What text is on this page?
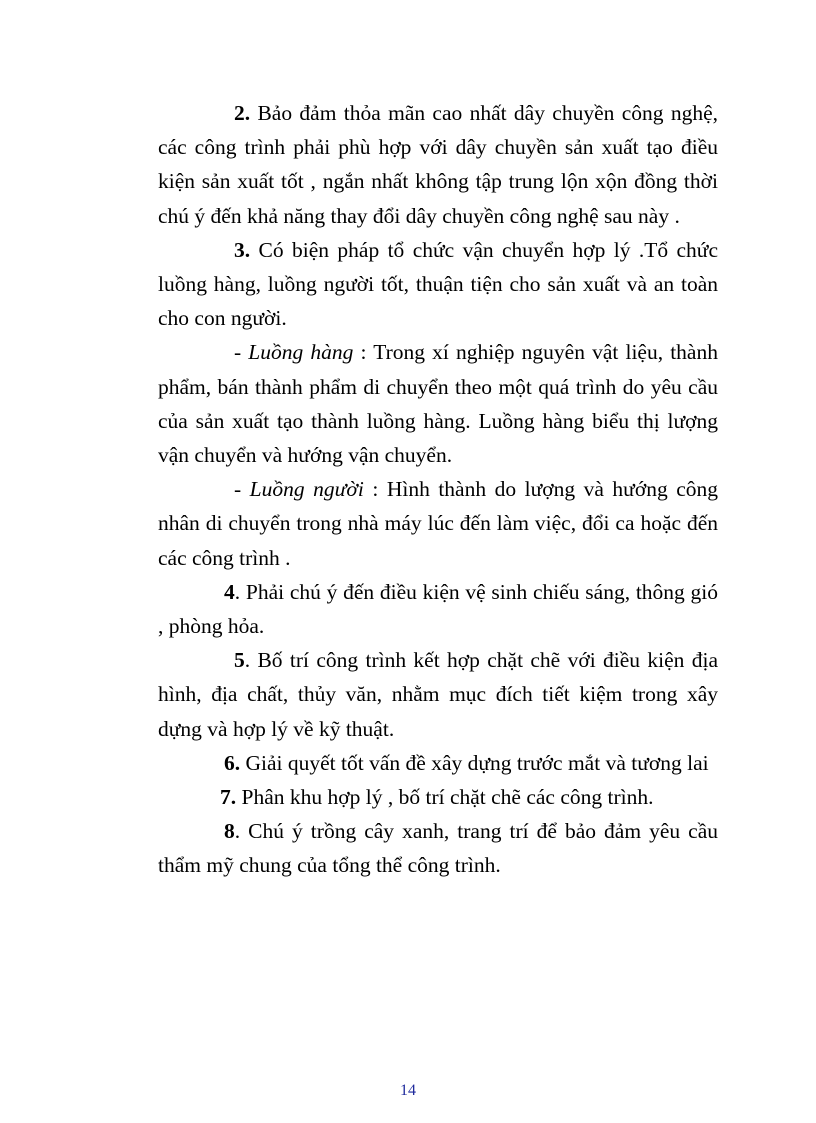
2. Bảo đảm thỏa mãn cao nhất dây chuyền công nghệ, các công trình phải phù hợp với dây chuyền sản xuất tạo điều kiện sản xuất tốt , ngắn nhất không tập trung lộn xộn đồng thời chú ý đến khả năng thay đổi dây chuyền công nghệ sau này .

3. Có biện pháp tổ chức vận chuyển hợp lý .Tổ chức luồng hàng, luồng người tốt, thuận tiện cho sản xuất và an toàn cho con người.

- Luồng hàng : Trong xí nghiệp nguyên vật liệu, thành phẩm, bán thành phẩm di chuyển theo một quá trình do yêu cầu của sản xuất tạo thành luồng hàng. Luồng hàng biểu thị lượng vận chuyển và hướng vận chuyển.

- Luồng người : Hình thành do lượng và hướng công nhân di chuyển trong nhà máy lúc đến làm việc, đổi ca hoặc đến các công trình .

4. Phải chú ý đến điều kiện vệ sinh chiếu sáng, thông gió , phòng hỏa.

5. Bố trí công trình kết hợp chặt chẽ với điều kiện địa hình, địa chất, thủy văn, nhằm mục đích tiết kiệm trong xây dựng và hợp lý về kỹ thuật.

6. Giải quyết tốt vấn đề xây dựng trước mắt và tương lai

7. Phân khu hợp lý , bố trí chặt chẽ các công trình.

8. Chú ý trồng cây xanh, trang trí để bảo đảm yêu cầu thẩm mỹ chung của tổng thể công trình.

14
